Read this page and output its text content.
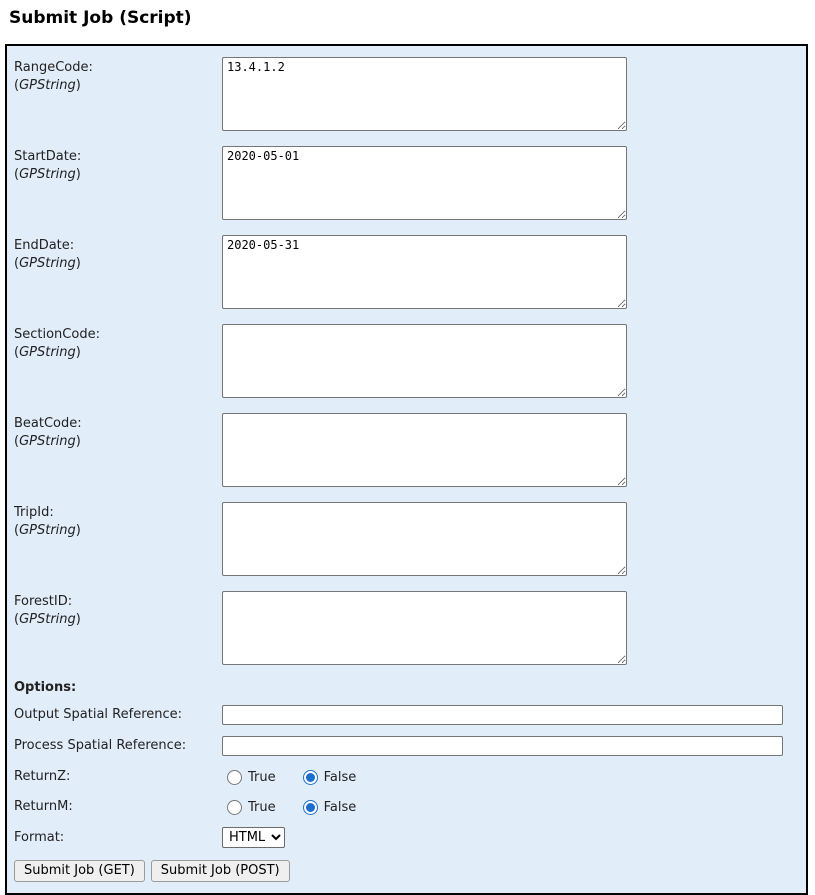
Submit Job (Script)
RangeCode:
(GPString)
13.4.1.2
StartDate:
(GPString)
2020-05-01
EndDate:
(GPString)
2020-05-31
SectionCode:
(GPString)
BeatCode:
(GPString)
TripId:
(GPString)
ForestID:
(GPString)
Options:
Output Spatial Reference:
Process Spatial Reference:
ReturnZ:	True	False
ReturnM:	True	False
Format:
HTML
Submit Job (GET)	Submit Job (POST)
